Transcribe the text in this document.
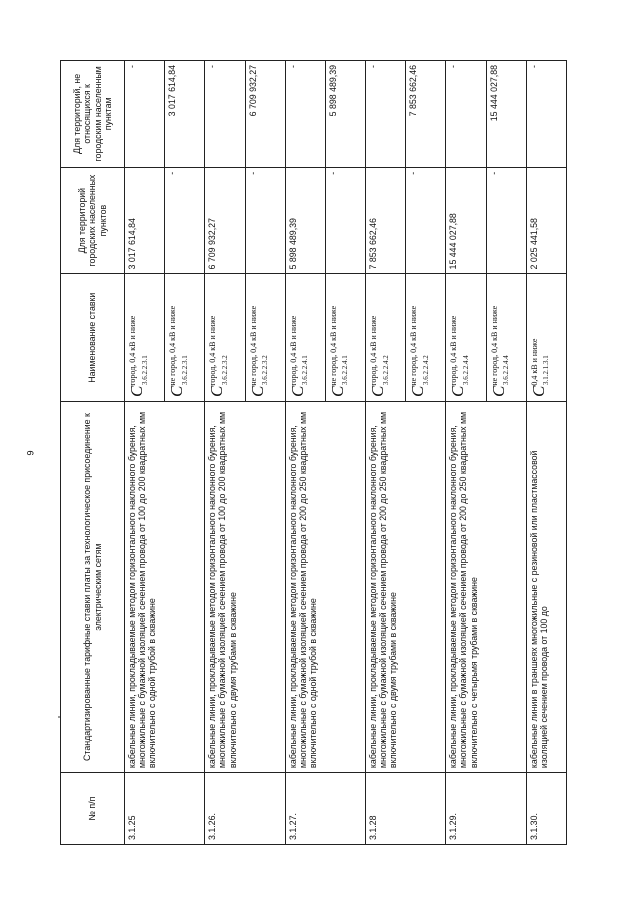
9
№ п/п	Стандартизированные тарифные ставки платы за технологическое присоединение к электрическим сетям	Наименование ставки	Для территорий городских населенных пунктов	Для территорий, не относящихся к городским населенным пунктам
3.1.25	кабельные линии, прокладываемые методом горизонтального наклонного бурения, многожильные с бумажной изоляцией сечением провода от 100 до 200 квадратных мм включительно с одной трубой в скважине	Сгород, 0,4 кВ и ниже 3.6.2.2.3.1	3 017 614,84	-
		Сне город, 0,4 кВ и ниже 3.6.2.2.3.1	-	3 017 614,84
3.1.26.	кабельные линии, прокладываемые методом горизонтального наклонного бурения, многожильные с бумажной изоляцией сечением провода от 100 до 200 квадратных мм включительно с двумя трубами в скважине	Сгород, 0,4 кВ и ниже 3.6.2.2.3.2	6 709 932,27	-
		Сне город, 0,4 кВ и ниже 3.6.2.2.3.2	-	6 709 932,27
3.1.27.	кабельные линии, прокладываемые методом горизонтального наклонного бурения, многожильные с бумажной изоляцией сечением провода от 200 до 250 квадратных мм включительно с одной трубой в скважине	Сгород, 0,4 кВ и ниже 3.6.2.2.4.1	5 898 489,39	-
		Сне город, 0,4 кВ и ниже 3.6.2.2.4.1	-	5 898 489,39
3.1.28	кабельные линии, прокладываемые методом горизонтального наклонного бурения, многожильные с бумажной изоляцией сечением провода от 200 до 250 квадратных мм включительно с двумя трубами в скважине	Сгород, 0,4 кВ и ниже 3.6.2.2.4.2	7 853 662,46	-
		Сне город, 0,4 кВ и ниже 3.6.2.2.4.2	-	7 853 662,46
3.1.29.	кабельные линии, прокладываемые методом горизонтального наклонного бурения, многожильные с бумажной изоляцией сечением провода от 200 до 250 квадратных мм включительно с четырьмя трубами в скважине	Сгород, 0,4 кВ и ниже 3.6.2.2.4.4	15 444 027,88	-
		Сне город, 0,4 кВ и ниже 3.6.2.2.4.4	-	15 444 027,88
3.1.30.	кабельные линии в траншеях многожильные с резиновой или пластмассовой изоляцией сечением провода от 100 до	С0,4 кВ и ниже 3.1.2.1.3.1	2 025 441,58	-
